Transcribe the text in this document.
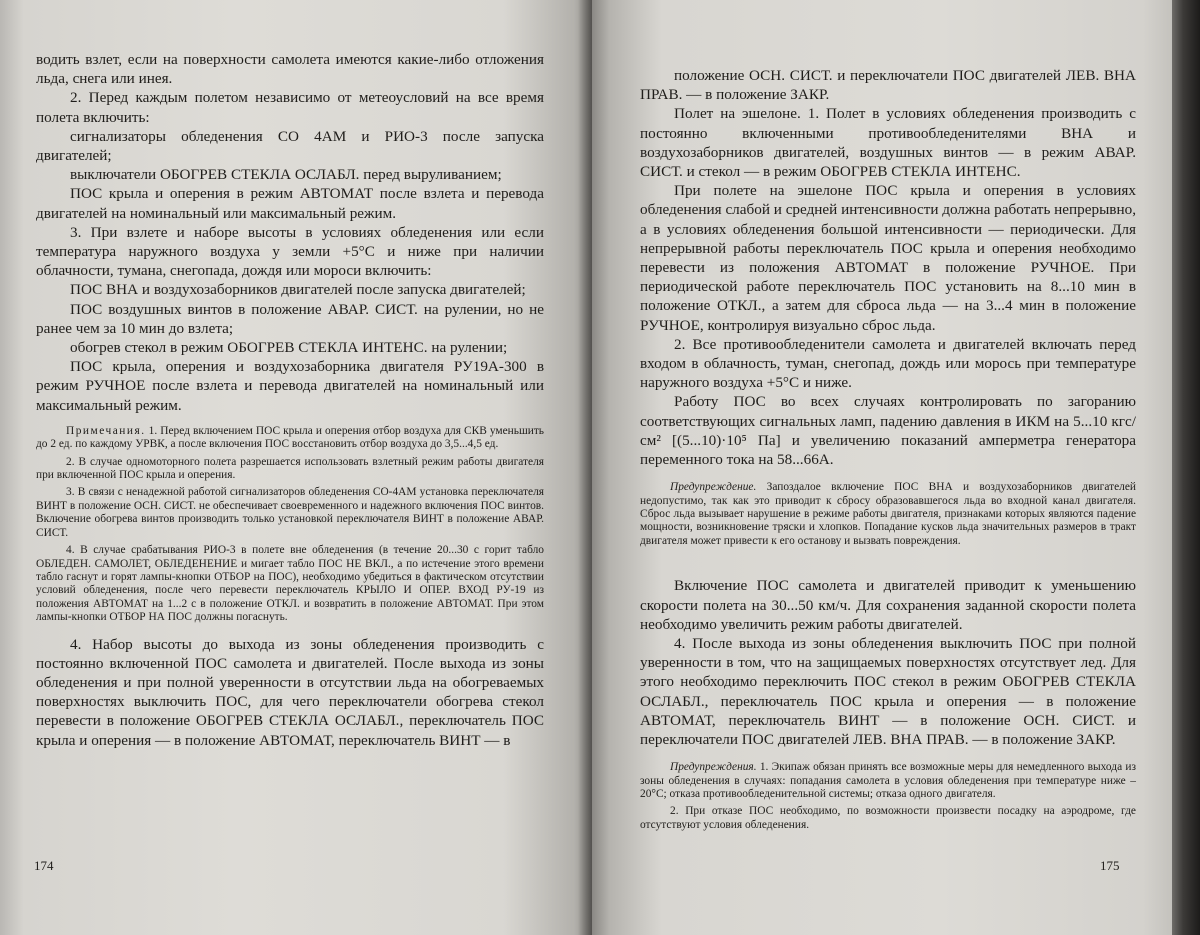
водить взлет, если на поверхности самолета имеются какие-либо отложения льда, снега или инея.

2. Перед каждым полетом независимо от метеоусловий на все время полета включить:

сигнализаторы обледенения СО 4АМ и РИО-3 после запуска двигателей;

выключатели ОБОГРЕВ СТЕКЛА ОСЛАБЛ. перед выруливанием;

ПОС крыла и оперения в режим АВТОМАТ после взлета и перевода двигателей на номинальный или максимальный режим.

3. При взлете и наборе высоты в условиях обледенения или если температура наружного воздуха у земли +5°С и ниже при наличии облачности, тумана, снегопада, дождя или мороси включить:

ПОС ВНА и воздухозаборников двигателей после запуска двигателей;

ПОС воздушных винтов в положение АВАР. СИСТ. на рулении, но не ранее чем за 10 мин до взлета;

обогрев стекол в режим ОБОГРЕВ СТЕКЛА ИНТЕНС. на рулении;

ПОС крыла, оперения и воздухозаборника двигателя РУ19А-300 в режим РУЧНОЕ после взлета и перевода двигателей на номинальный или максимальный режим.

Примечания. 1. Перед включением ПОС крыла и оперения отбор воздуха для СКВ уменьшить до 2 ед. по каждому УРВК, а после включения ПОС восстановить отбор воздуха до 3,5...4,5 ед.

2. В случае одномоторного полета разрешается использовать взлетный режим работы двигателя при включенной ПОС крыла и оперения.

3. В связи с ненадежной работой сигнализаторов обледенения СО-4АМ установка переключателя ВИНТ в положение ОСН. СИСТ. не обеспечивает своевременного и надежного включения ПОС винтов. Включение обогрева винтов производить только установкой переключателя ВИНТ в положение АВАР. СИСТ.

4. В случае срабатывания РИО-3 в полете вне обледенения (в течение 20...30 с горит табло ОБЛЕДЕН. САМОЛЕТ, ОБЛЕДЕНЕНИЕ и мигает табло ПОС НЕ ВКЛ., а по истечение этого времени табло гаснут и горят лампы-кнопки ОТБОР на ПОС), необходимо убедиться в фактическом отсутствии условий обледенения, после чего перевести переключатель КРЫЛО И ОПЕР. ВХОД РУ-19 из положения АВТОМАТ на 1...2 с в положение ОТКЛ. и возвратить в положение АВТОМАТ. При этом лампы-кнопки ОТБОР НА ПОС должны погаснуть.

4. Набор высоты до выхода из зоны обледенения производить с постоянно включенной ПОС самолета и двигателей. После выхода из зоны обледенения и при полной уверенности в отсутствии льда на обогреваемых поверхностях выключить ПОС, для чего переключатели обогрева стекол перевести в положение ОБОГРЕВ СТЕКЛА ОСЛАБЛ., переключатель ПОС крыла и оперения — в положение АВТОМАТ, переключатель ВИНТ — в

174

положение ОСН. СИСТ. и переключатели ПОС двигателей ЛЕВ. ВНА ПРАВ. — в положение ЗАКР.

Полет на эшелоне. 1. Полет в условиях обледенения производить с постоянно включенными противообледенителями ВНА и воздухозаборников двигателей, воздушных винтов — в режим АВАР. СИСТ. и стекол — в режим ОБОГРЕВ СТЕКЛА ИНТЕНС.

При полете на эшелоне ПОС крыла и оперения в условиях обледенения слабой и средней интенсивности должна работать непрерывно, а в условиях обледенения большой интенсивности — периодически. Для непрерывной работы переключатель ПОС крыла и оперения необходимо перевести из положения АВТОМАТ в положение РУЧНОЕ. При периодической работе переключатель ПОС установить на 8...10 мин в положение ОТКЛ., а затем для сброса льда — на 3...4 мин в положение РУЧНОЕ, контролируя визуально сброс льда.

2. Все противообледенители самолета и двигателей включать перед входом в облачность, туман, снегопад, дождь или морось при температуре наружного воздуха +5°С и ниже.

Работу ПОС во всех случаях контролировать по загоранию соответствующих сигнальных ламп, падению давления в ИКМ на 5...10 кгс/см² [(5...10)·10⁵ Па] и увеличению показаний амперметра генератора переменного тока на 58...66А.

Предупреждение. Запоздалое включение ПОС ВНА и воздухозаборников двигателей недопустимо, так как это приводит к сбросу образовавшегося льда во входной канал двигателя. Сброс льда вызывает нарушение в режиме работы двигателя, признаками которых являются падение мощности, возникновение тряски и хлопков. Попадание кусков льда значительных размеров в тракт двигателя может привести к его останову и вызвать повреждения.

Включение ПОС самолета и двигателей приводит к уменьшению скорости полета на 30...50 км/ч. Для сохранения заданной скорости полета необходимо увеличить режим работы двигателей.

4. После выхода из зоны обледенения выключить ПОС при полной уверенности в том, что на защищаемых поверхностях отсутствует лед. Для этого необходимо переключить ПОС стекол в режим ОБОГРЕВ СТЕКЛА ОСЛАБЛ., переключатель ПОС крыла и оперения — в положение АВТОМАТ, переключатель ВИНТ — в положение ОСН. СИСТ. и переключатели ПОС двигателей ЛЕВ. ВНА ПРАВ. — в положение ЗАКР.

Предупреждения. 1. Экипаж обязан принять все возможные меры для немедленного выхода из зоны обледенения в случаях: попадания самолета в условия обледенения при температуре ниже –20°С; отказа противообледенительной системы; отказа одного двигателя.

2. При отказе ПОС необходимо, по возможности произвести посадку на аэродроме, где отсутствуют условия обледенения.

175
